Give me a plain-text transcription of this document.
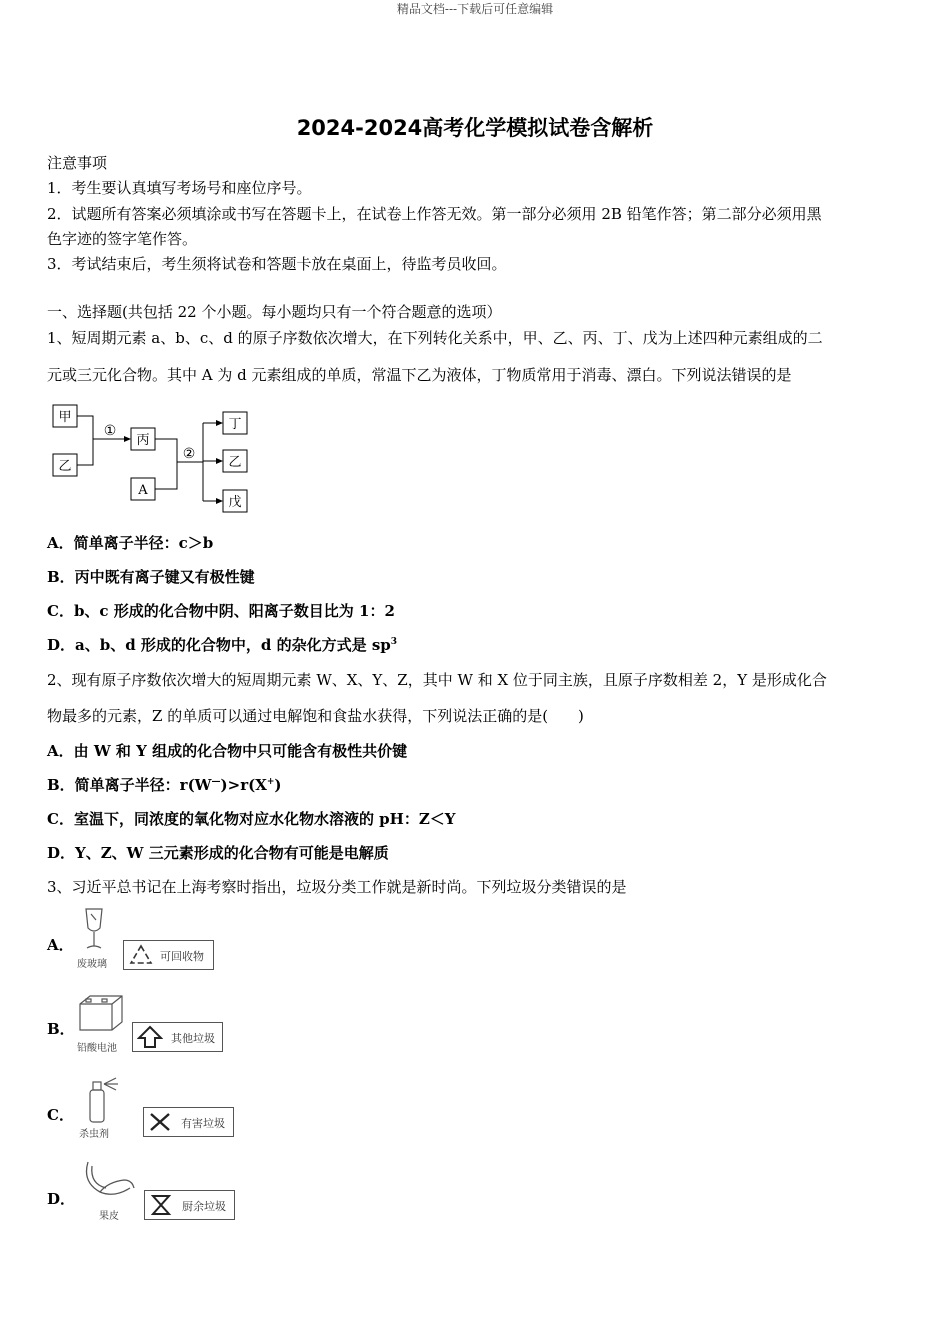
精品文档---下载后可任意编辑
2024-2024高考化学模拟试卷含解析
注意事项
1．考生要认真填写考场号和座位序号。
2．试题所有答案必须填涂或书写在答题卡上，在试卷上作答无效。第一部分必须用 2B 铅笔作答；第二部分必须用黑
色字迹的签字笔作答。
3．考试结束后，考生须将试卷和答题卡放在桌面上，待监考员收回。
一、选择题(共包括 22 个小题。每小题均只有一个符合题意的选项）
1、短周期元素 a、b、c、d 的原子序数依次增大，在下列转化关系中，甲、乙、丙、丁、戊为上述四种元素组成的二
元或三元化合物。其中 A 为 d 元素组成的单质，常温下乙为液体，丁物质常用于消毒、漂白。下列说法错误的是
甲
乙
丙
A
丁
乙
戊
①
②
A．简单离子半径：c＞b
B．丙中既有离子键又有极性键
C．b、c 形成的化合物中阴、阳离子数目比为 1：2
D．a、b、d 形成的化合物中，d 的杂化方式是 $sp^3$
2、现有原子序数依次增大的短周期元素 W、X、Y、Z，其中 W 和 X 位于同主族，且原子序数相差 2，Y 是形成化合
物最多的元素，Z 的单质可以通过电解饱和食盐水获得，下列说法正确的是(　　)
A．由 W 和 Y 组成的化合物中只可能含有极性共价键
B．简单离子半径：r(W—)>r(X+)
C．室温下，同浓度的氧化物对应水化物水溶液的 pH：Z＜Y
D．Y、Z、W 三元素形成的化合物有可能是电解质
3、习近平总书记在上海考察时指出，垃圾分类工作就是新时尚。下列垃圾分类错误的是
A．
废玻璃
可回收物
B．
铅酸电池
其他垃圾
C．
杀虫剂
有害垃圾
D．
果皮
厨余垃圾
